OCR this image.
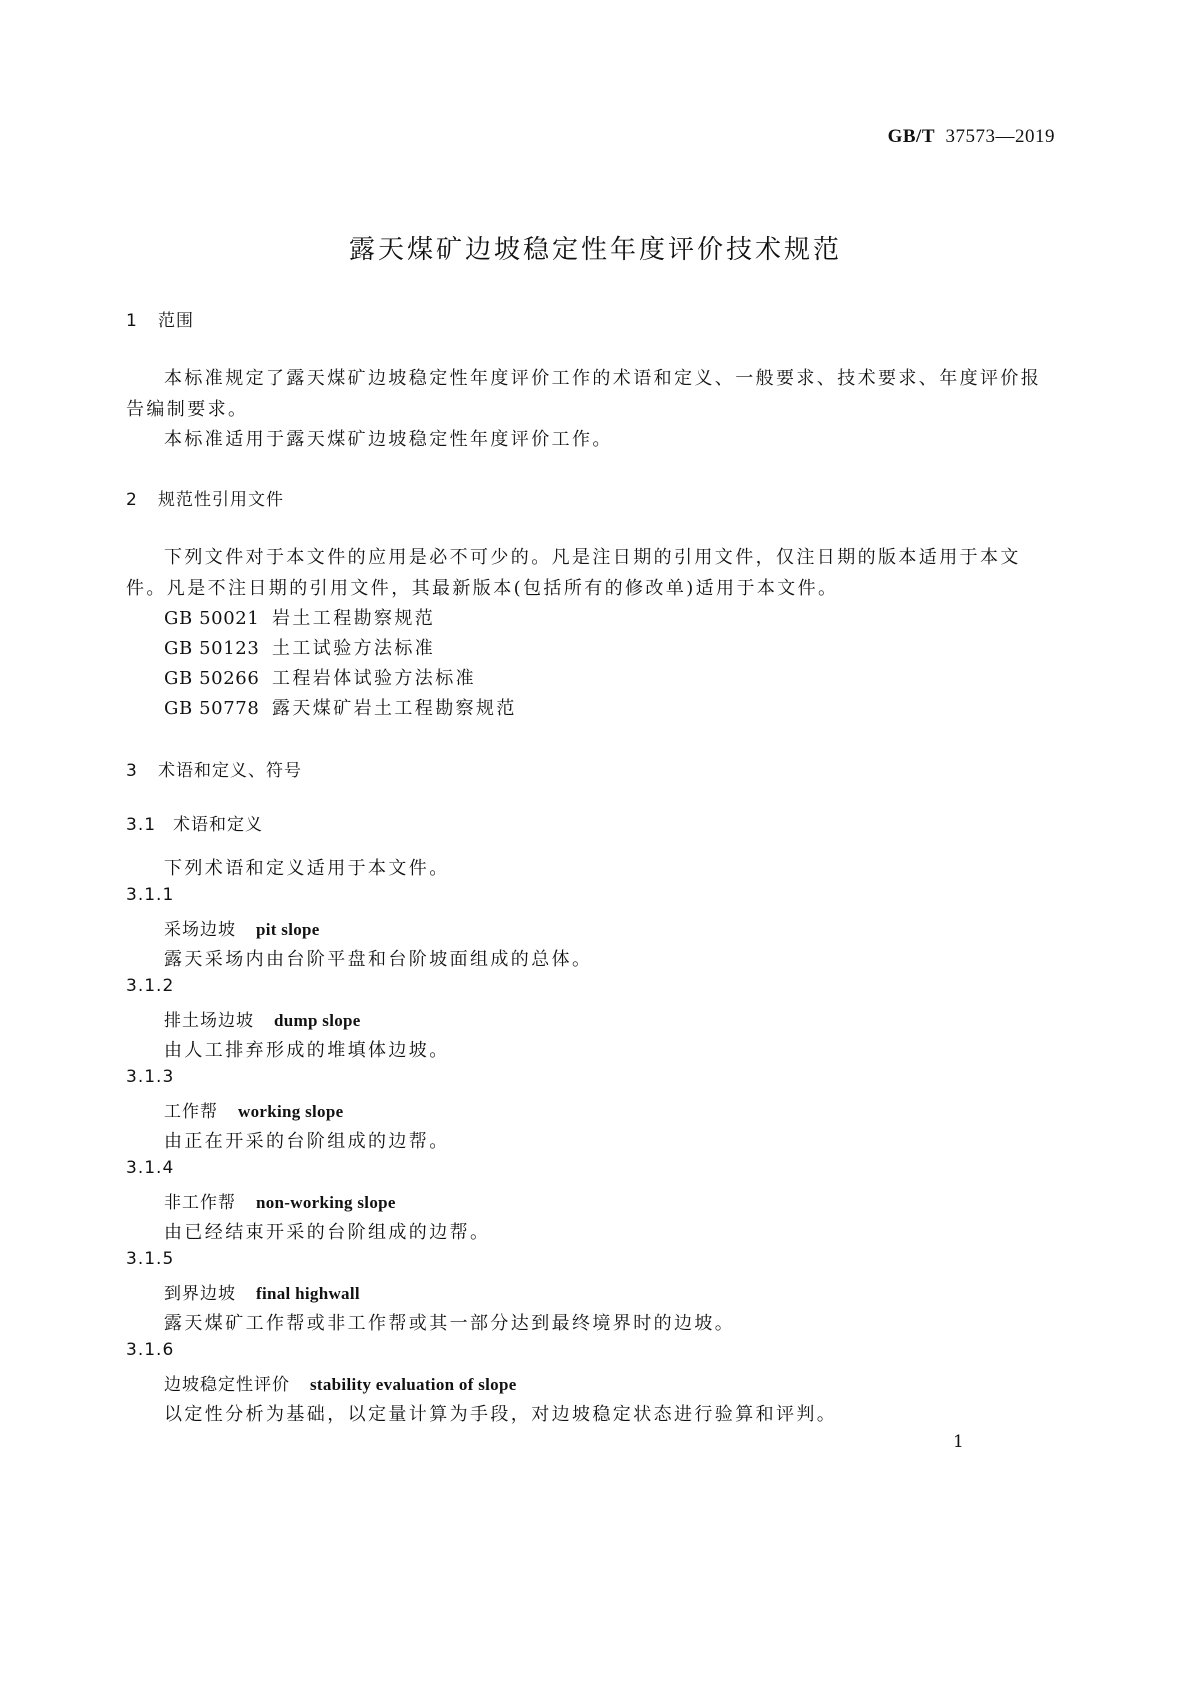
GB/T 37573—2019
露天煤矿边坡稳定性年度评价技术规范
1 范围
本标准规定了露天煤矿边坡稳定性年度评价工作的术语和定义、一般要求、技术要求、年度评价报
告编制要求。
本标准适用于露天煤矿边坡稳定性年度评价工作。
2 规范性引用文件
下列文件对于本文件的应用是必不可少的。凡是注日期的引用文件，仅注日期的版本适用于本文
件。凡是不注日期的引用文件，其最新版本(包括所有的修改单)适用于本文件。
GB 50021 岩土工程勘察规范
GB 50123 土工试验方法标准
GB 50266 工程岩体试验方法标准
GB 50778 露天煤矿岩土工程勘察规范
3 术语和定义、符号
3.1 术语和定义
下列术语和定义适用于本文件。
3.1.1
采场边坡 pit slope
露天采场内由台阶平盘和台阶坡面组成的总体。
3.1.2
排土场边坡 dump slope
由人工排弃形成的堆填体边坡。
3.1.3
工作帮 working slope
由正在开采的台阶组成的边帮。
3.1.4
非工作帮 non-working slope
由已经结束开采的台阶组成的边帮。
3.1.5
到界边坡 final highwall
露天煤矿工作帮或非工作帮或其一部分达到最终境界时的边坡。
3.1.6
边坡稳定性评价 stability evaluation of slope
以定性分析为基础，以定量计算为手段，对边坡稳定状态进行验算和评判。
1
